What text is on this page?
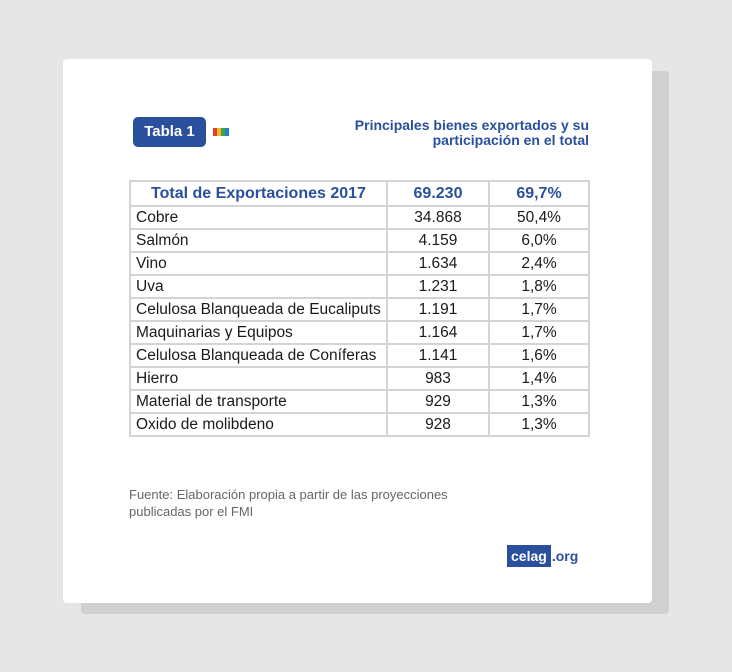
Tabla 1	Principales bienes exportados y su
participación en el total
Total de Exportaciones 2017	69.230	69,7%
Cobre	34.868	50,4%
Salmón	4.159	6,0%
Vino	1.634	2,4%
Uva	1.231	1,8%
Celulosa Blanqueada de Eucaliputs	1.191	1,7%
Maquinarias y Equipos	1.164	1,7%
Celulosa Blanqueada de Coníferas	1.141	1,6%
Hierro	983	1,4%
Material de transporte	929	1,3%
Oxido de molibdeno	928	1,3%
Fuente: Elaboración propia a partir de las proyecciones publicadas por el FMI
celag .org
